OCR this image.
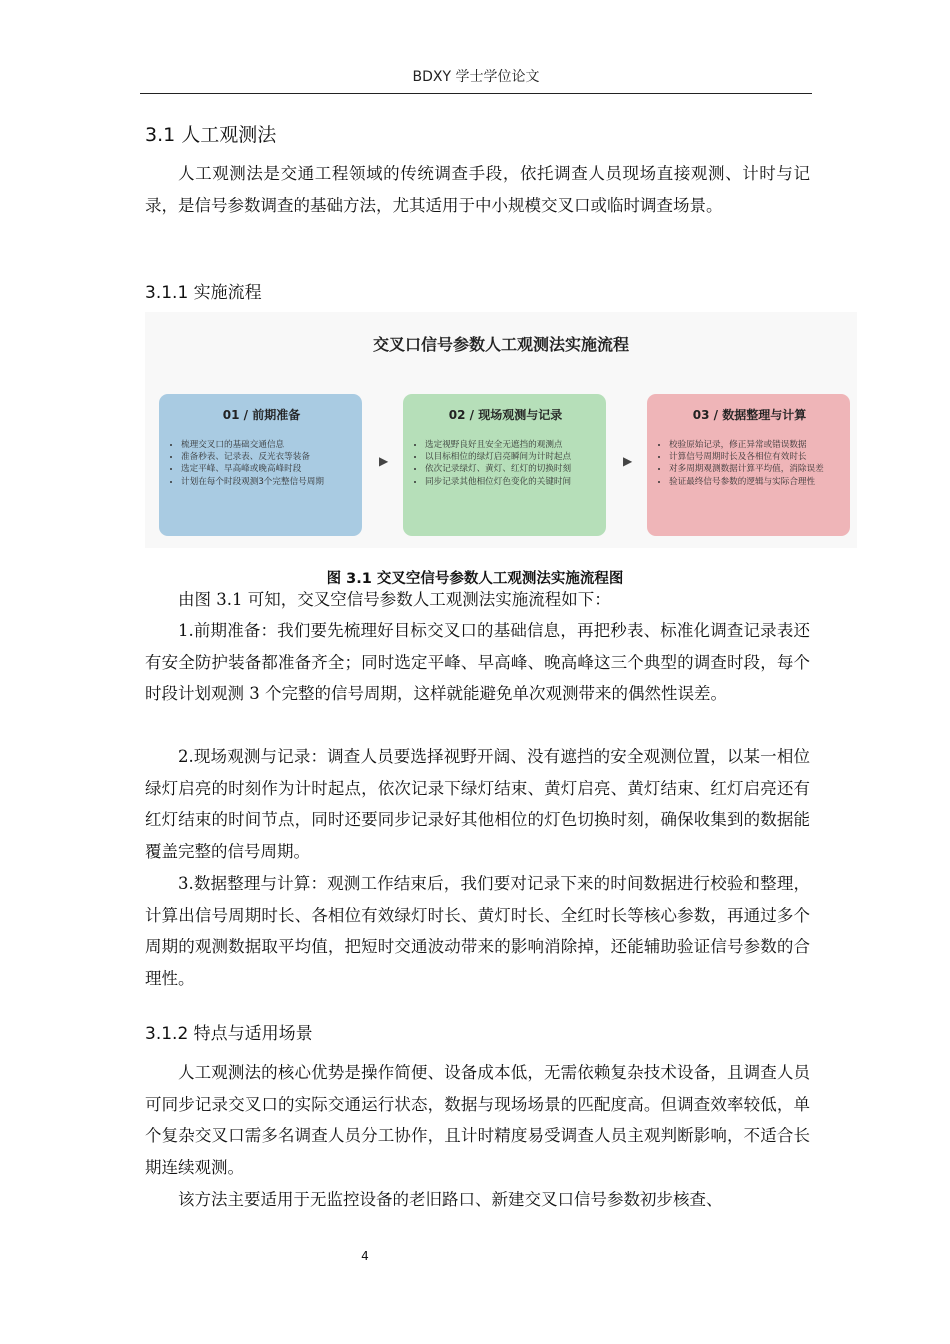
BDXY 学士学位论文
3.1 人工观测法

人工观测法是交通工程领域的传统调查手段，依托调查人员现场直接观测、计时与记录，是信号参数调查的基础方法，尤其适用于中小规模交叉口或临时调查场景。

3.1.1 实施流程
交叉口信号参数人工观测法实施流程
01 / 前期准备
• 梳理交叉口的基础交通信息
• 准备秒表、记录表、反光衣等装备
• 选定平峰、早高峰或晚高峰时段
• 计划在每个时段观测3个完整信号周期
▶
02 / 现场观测与记录
• 选定视野良好且安全无遮挡的观测点
• 以目标相位的绿灯启亮瞬间为计时起点
• 依次记录绿灯、黄灯、红灯的切换时刻
• 同步记录其他相位灯色变化的关键时间
▶
03 / 数据整理与计算
• 校验原始记录，修正异常或错误数据
• 计算信号周期时长及各相位有效时长
• 对多周期观测数据计算平均值，消除误差
• 验证最终信号参数的逻辑与实际合理性
图 3.1 交叉空信号参数人工观测法实施流程图

由图 3.1 可知，交叉空信号参数人工观测法实施流程如下：

1.前期准备：我们要先梳理好目标交叉口的基础信息，再把秒表、标准化调查记录表还有安全防护装备都准备齐全；同时选定平峰、早高峰、晚高峰这三个典型的调查时段，每个时段计划观测 3 个完整的信号周期，这样就能避免单次观测带来的偶然性误差。

2.现场观测与记录：调查人员要选择视野开阔、没有遮挡的安全观测位置，以某一相位绿灯启亮的时刻作为计时起点，依次记录下绿灯结束、黄灯启亮、黄灯结束、红灯启亮还有红灯结束的时间节点，同时还要同步记录好其他相位的灯色切换时刻，确保收集到的数据能覆盖完整的信号周期。

3.数据整理与计算：观测工作结束后，我们要对记录下来的时间数据进行校验和整理，计算出信号周期时长、各相位有效绿灯时长、黄灯时长、全红时长等核心参数，再通过多个周期的观测数据取平均值，把短时交通波动带来的影响消除掉，还能辅助验证信号参数的合理性。

3.1.2 特点与适用场景

人工观测法的核心优势是操作简便、设备成本低，无需依赖复杂技术设备，且调查人员可同步记录交叉口的实际交通运行状态，数据与现场场景的匹配度高。但调查效率较低，单个复杂交叉口需多名调查人员分工协作，且计时精度易受调查人员主观判断影响，不适合长期连续观测。

该方法主要适用于无监控设备的老旧路口、新建交叉口信号参数初步核查、

4
